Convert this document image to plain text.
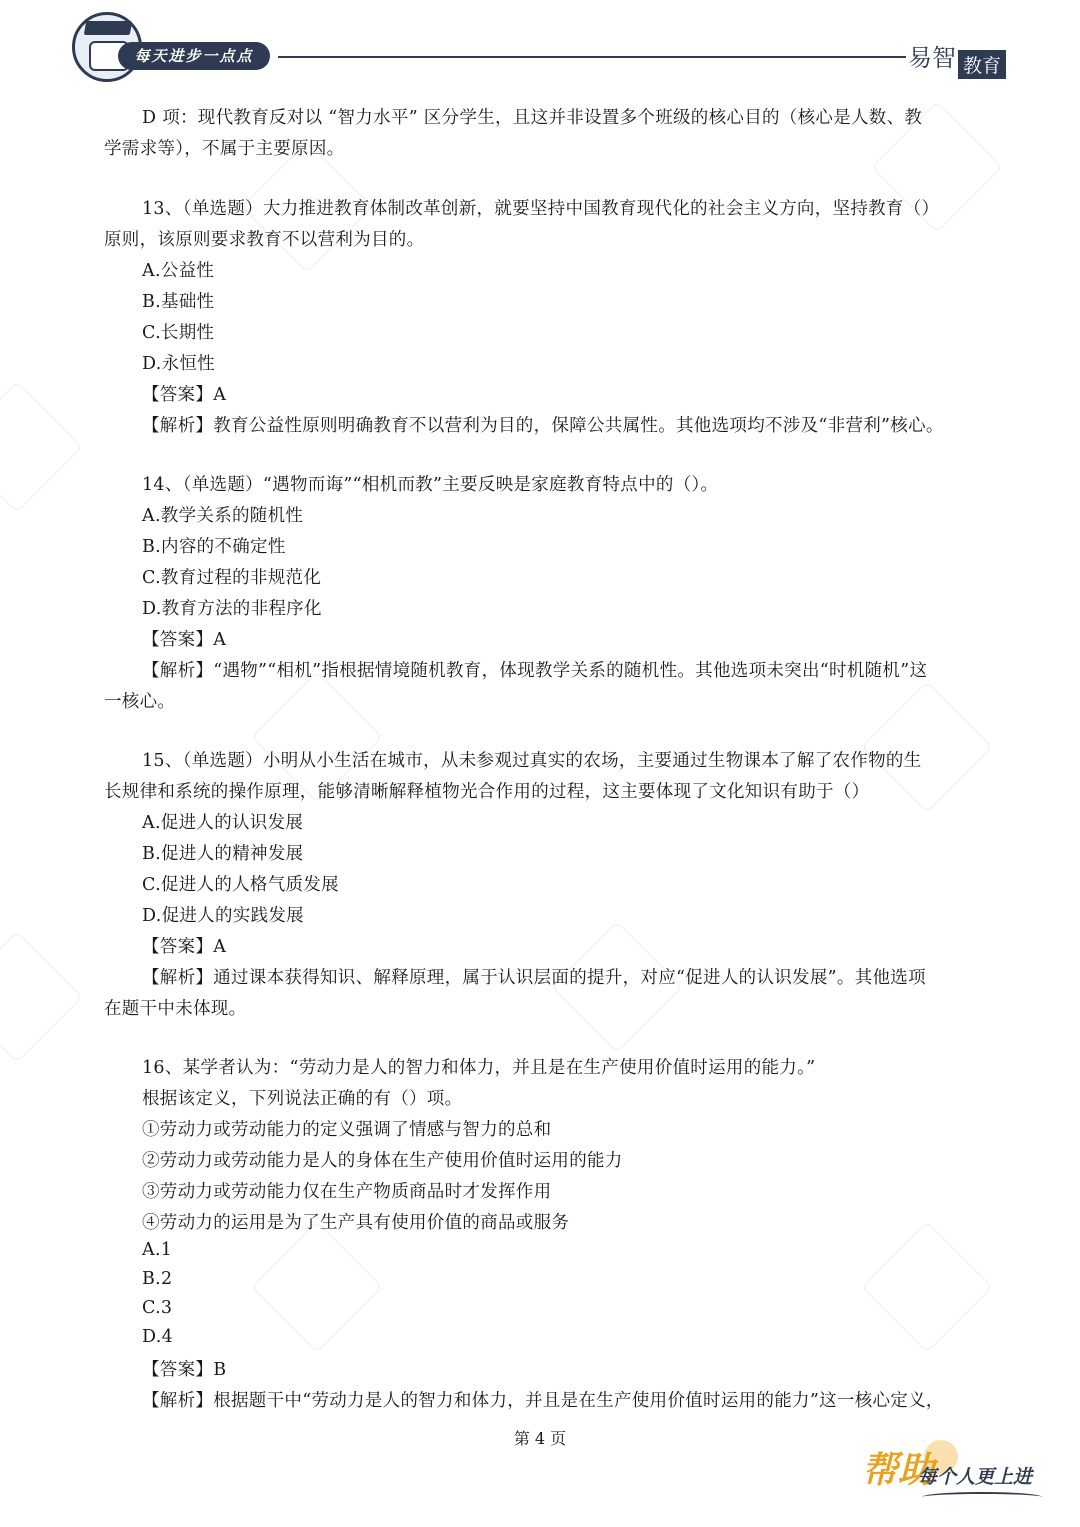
每天进步一点点	易智 教育
D 项：现代教育反对以 “智力水平” 区分学生，且这并非设置多个班级的核心目的（核心是人数、教
学需求等），不属于主要原因。
13、（单选题）大力推进教育体制改革创新，就要坚持中国教育现代化的社会主义方向，坚持教育（）
原则，该原则要求教育不以营利为目的。
A.公益性
B.基础性
C.长期性
D.永恒性
【答案】A
【解析】教育公益性原则明确教育不以营利为目的，保障公共属性。其他选项均不涉及“非营利”核心。
14、（单选题）“遇物而诲”“相机而教”主要反映是家庭教育特点中的（）。
A.教学关系的随机性
B.内容的不确定性
C.教育过程的非规范化
D.教育方法的非程序化
【答案】A
【解析】“遇物”“相机”指根据情境随机教育，体现教学关系的随机性。其他选项未突出“时机随机”这
一核心。
15、（单选题）小明从小生活在城市，从未参观过真实的农场，主要通过生物课本了解了农作物的生
长规律和系统的操作原理，能够清晰解释植物光合作用的过程，这主要体现了文化知识有助于（）
A.促进人的认识发展
B.促进人的精神发展
C.促进人的人格气质发展
D.促进人的实践发展
【答案】A
【解析】通过课本获得知识、解释原理，属于认识层面的提升，对应“促进人的认识发展”。其他选项
在题干中未体现。
16、某学者认为：“劳动力是人的智力和体力，并且是在生产使用价值时运用的能力。”
根据该定义，下列说法正确的有（）项。
①劳动力或劳动能力的定义强调了情感与智力的总和
②劳动力或劳动能力是人的身体在生产使用价值时运用的能力
③劳动力或劳动能力仅在生产物质商品时才发挥作用
④劳动力的运用是为了生产具有使用价值的商品或服务
A.1
B.2
C.3
D.4
【答案】B
【解析】根据题干中“劳动力是人的智力和体力，并且是在生产使用价值时运用的能力”这一核心定义，
第 4 页
帮助
每个人更上进
